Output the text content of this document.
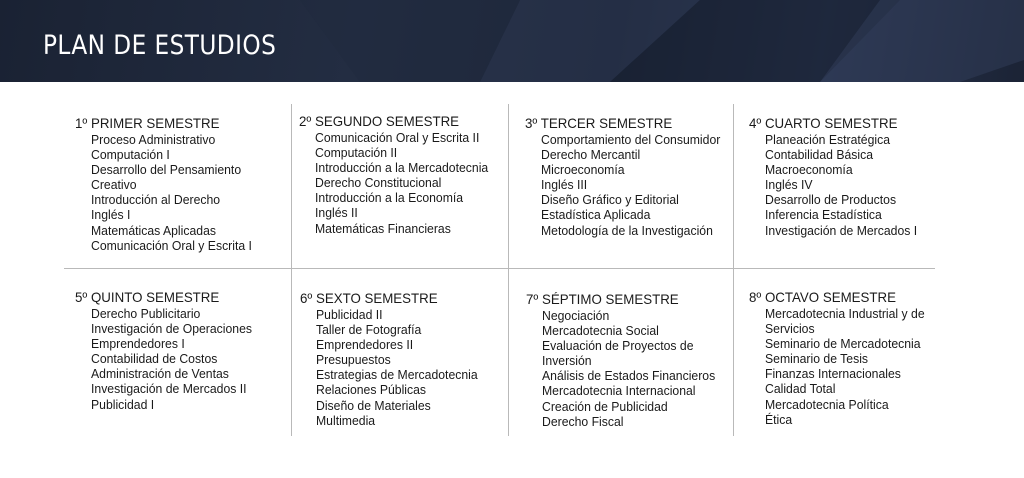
PLAN DE ESTUDIOS
1º PRIMER SEMESTRE
Proceso Administrativo
Computación I
Desarrollo del Pensamiento
Creativo
Introducción al Derecho
Inglés I
Matemáticas Aplicadas
Comunicación Oral y Escrita I
2º SEGUNDO SEMESTRE
Comunicación Oral y Escrita II
Computación II
Introducción a la Mercadotecnia
Derecho Constitucional
Introducción a la Economía
Inglés II
Matemáticas Financieras
3º TERCER SEMESTRE
Comportamiento del Consumidor
Derecho Mercantil
Microeconomía
Inglés III
Diseño Gráfico y Editorial
Estadística Aplicada
Metodología de la Investigación
4º CUARTO SEMESTRE
Planeación Estratégica
Contabilidad Básica
Macroeconomía
Inglés IV
Desarrollo de Productos
Inferencia Estadística
Investigación de Mercados I
5º QUINTO SEMESTRE
Derecho Publicitario
Investigación de Operaciones
Emprendedores I
Contabilidad de Costos
Administración de Ventas
Investigación de Mercados II
Publicidad I
6º SEXTO SEMESTRE
Publicidad II
Taller de Fotografía
Emprendedores II
Presupuestos
Estrategias de Mercadotecnia
Relaciones Públicas
Diseño de Materiales
Multimedia
7º SÉPTIMO SEMESTRE
Negociación
Mercadotecnia Social
Evaluación de Proyectos de Inversión
Análisis de Estados Financieros
Mercadotecnia Internacional
Creación de Publicidad
Derecho Fiscal
8º OCTAVO SEMESTRE
Mercadotecnia Industrial y de Servicios
Seminario de Mercadotecnia
Seminario de Tesis
Finanzas Internacionales
Calidad Total
Mercadotecnia Política
Ética
